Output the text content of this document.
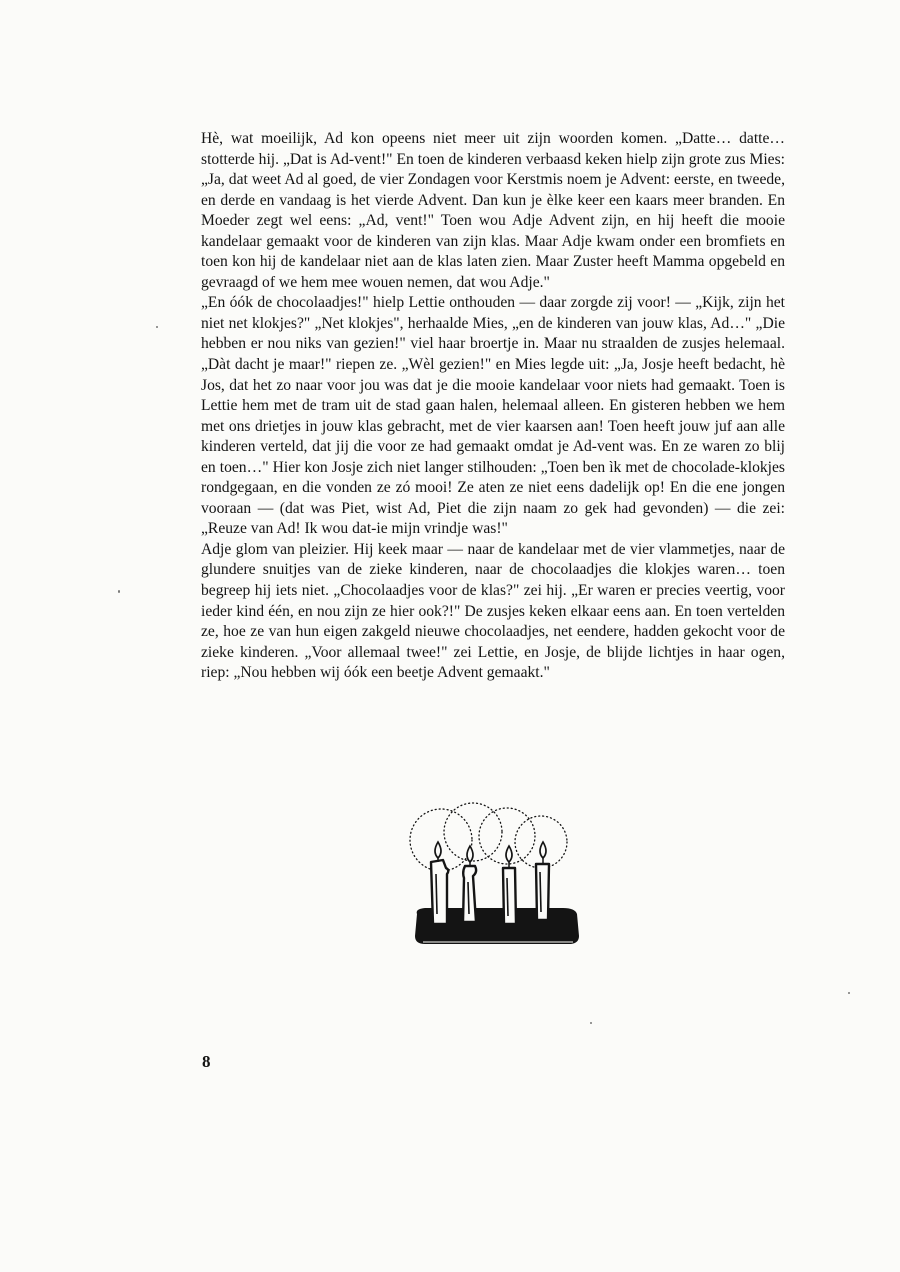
Hè, wat moeilijk, Ad kon opeens niet meer uit zijn woorden komen. „Datte… datte… stotterde hij. „Dat is Ad-vent!" En toen de kinderen verbaasd keken hielp zijn grote zus Mies: „Ja, dat weet Ad al goed, de vier Zondagen voor Kerstmis noem je Advent: eerste, en tweede, en derde en vandaag is het vierde Advent. Dan kun je èlke keer een kaars meer branden. En Moeder zegt wel eens: „Ad, vent!" Toen wou Adje Advent zijn, en hij heeft die mooie kandelaar gemaakt voor de kinderen van zijn klas. Maar Adje kwam onder een bromfiets en toen kon hij de kandelaar niet aan de klas laten zien. Maar Zuster heeft Mamma opgebeld en gevraagd of we hem mee wouen nemen, dat wou Adje."

„En óók de chocolaadjes!" hielp Lettie onthouden — daar zorgde zij voor! — „Kijk, zijn het niet net klokjes?" „Net klokjes", herhaalde Mies, „en de kinderen van jouw klas, Ad…" „Die hebben er nou niks van gezien!" viel haar broertje in. Maar nu straalden de zusjes helemaal. „Dàt dacht je maar!" riepen ze. „Wèl gezien!" en Mies legde uit: „Ja, Josje heeft bedacht, hè Jos, dat het zo naar voor jou was dat je die mooie kandelaar voor niets had gemaakt. Toen is Lettie hem met de tram uit de stad gaan halen, helemaal alleen. En gisteren hebben we hem met ons drietjes in jouw klas gebracht, met de vier kaarsen aan! Toen heeft jouw juf aan alle kinderen verteld, dat jij die voor ze had gemaakt omdat je Ad-vent was. En ze waren zo blij en toen…" Hier kon Josje zich niet langer stilhouden: „Toen ben ìk met de chocolade-klokjes rondgegaan, en die vonden ze zó mooi! Ze aten ze niet eens dadelijk op! En die ene jongen vooraan — (dat was Piet, wist Ad, Piet die zijn naam zo gek had gevonden) — die zei: „Reuze van Ad! Ik wou dat-ie mijn vrindje was!"

Adje glom van pleizier. Hij keek maar — naar de kandelaar met de vier vlammetjes, naar de glundere snuitjes van de zieke kinderen, naar de chocolaadjes die klokjes waren… toen begreep hij iets niet. „Chocolaadjes voor de klas?" zei hij. „Er waren er precies veertig, voor ieder kind één, en nou zijn ze hier ook?!" De zusjes keken elkaar eens aan. En toen vertelden ze, hoe ze van hun eigen zakgeld nieuwe chocolaadjes, net eendere, hadden gekocht voor de zieke kinderen. „Voor allemaal twee!" zei Lettie, en Josje, de blijde lichtjes in haar ogen, riep: „Nou hebben wij óók een beetje Advent gemaakt."

8
